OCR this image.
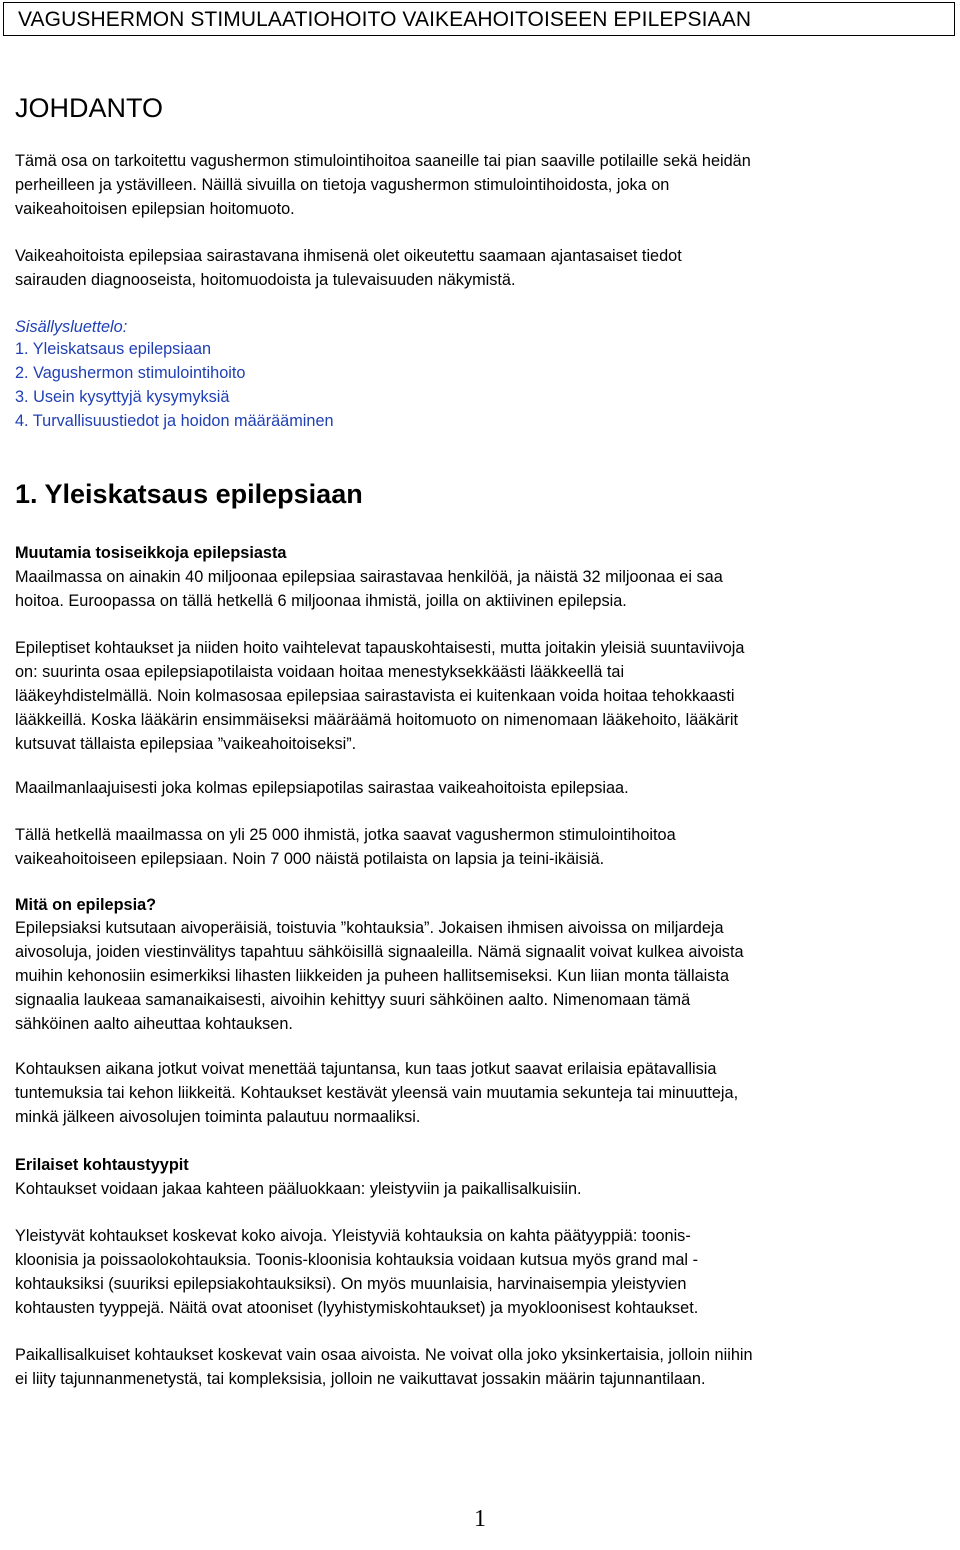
VAGUSHERMON STIMULAATIOHOITO VAIKEAHOITOISEEN EPILEPSIAAN
JOHDANTO
Tämä osa on tarkoitettu vagushermon stimulointihoitoa saaneille tai pian saaville potilaille sekä heidän
perheilleen ja ystävilleen. Näillä sivuilla on tietoja vagushermon stimulointihoidosta, joka on
vaikeahoitoisen epilepsian hoitomuoto.
Vaikeahoitoista epilepsiaa sairastavana ihmisenä olet oikeutettu saamaan ajantasaiset tiedot
sairauden diagnooseista, hoitomuodoista ja tulevaisuuden näkymistä.
Sisällysluettelo:
1. Yleiskatsaus epilepsiaan
2. Vagushermon stimulointihoito
3. Usein kysyttyjä kysymyksiä
4. Turvallisuustiedot ja hoidon määrääminen
1. Yleiskatsaus epilepsiaan
Muutamia tosiseikkoja epilepsiasta
Maailmassa on ainakin 40 miljoonaa epilepsiaa sairastavaa henkilöä, ja näistä 32 miljoonaa ei saa
hoitoa. Euroopassa on tällä hetkellä 6 miljoonaa ihmistä, joilla on aktiivinen epilepsia.
Epileptiset kohtaukset ja niiden hoito vaihtelevat tapauskohtaisesti, mutta joitakin yleisiä suuntaviivoja
on: suurinta osaa epilepsiapotilaista voidaan hoitaa menestyksekkäästi lääkkeellä tai
lääkeyhdistelmällä. Noin kolmasosaa epilepsiaa sairastavista ei kuitenkaan voida hoitaa tehokkaasti
lääkkeillä. Koska lääkärin ensimmäiseksi määräämä hoitomuoto on nimenomaan lääkehoito, lääkärit
kutsuvat tällaista epilepsiaa ”vaikeahoitoiseksi”.
Maailmanlaajuisesti joka kolmas epilepsiapotilas sairastaa vaikeahoitoista epilepsiaa.
Tällä hetkellä maailmassa on yli 25 000 ihmistä, jotka saavat vagushermon stimulointihoitoa
vaikeahoitoiseen epilepsiaan. Noin 7 000 näistä potilaista on lapsia ja teini-ikäisiä.
Mitä on epilepsia?
Epilepsiaksi kutsutaan aivoperäisiä, toistuvia ”kohtauksia”. Jokaisen ihmisen aivoissa on miljardeja
aivosoluja, joiden viestinvälitys tapahtuu sähköisillä signaaleilla. Nämä signaalit voivat kulkea aivoista
muihin kehonosiin esimerkiksi lihasten liikkeiden ja puheen hallitsemiseksi. Kun liian monta tällaista
signaalia laukeaa samanaikaisesti, aivoihin kehittyy suuri sähköinen aalto. Nimenomaan tämä
sähköinen aalto aiheuttaa kohtauksen.
Kohtauksen aikana jotkut voivat menettää tajuntansa, kun taas jotkut saavat erilaisia epätavallisia
tuntemuksia tai kehon liikkeitä. Kohtaukset kestävät yleensä vain muutamia sekunteja tai minuutteja,
minkä jälkeen aivosolujen toiminta palautuu normaaliksi.
Erilaiset kohtaustyypit
Kohtaukset voidaan jakaa kahteen pääluokkaan: yleistyviin ja paikallisalkuisiin.
Yleistyvät kohtaukset koskevat koko aivoja. Yleistyviä kohtauksia on kahta päätyyppiä: toonis-
kloonisia ja poissaolokohtauksia. Toonis-kloonisia kohtauksia voidaan kutsua myös grand mal -
kohtauksiksi (suuriksi epilepsiakohtauksiksi). On myös muunlaisia, harvinaisempia yleistyvien
kohtausten tyyppejä. Näitä ovat atooniset (lyyhistymiskohtaukset) ja myokloonisest kohtaukset.
Paikallisalkuiset kohtaukset koskevat vain osaa aivoista. Ne voivat olla joko yksinkertaisia, jolloin niihin
ei liity tajunnanmenetystä, tai kompleksisia, jolloin ne vaikuttavat jossakin määrin tajunnantilaan.
1
